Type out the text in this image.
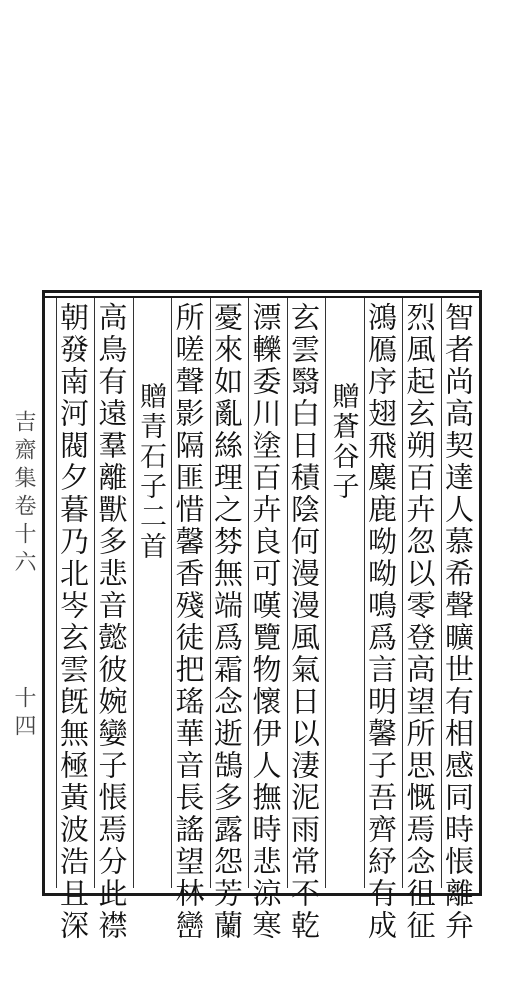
智者尚高契達人慕希聲曠世有相感同時悵離弁
烈風起玄朔百卉忽以零登高望所思慨焉念徂征
鴻鴈序翅飛麋鹿呦呦鳴爲言明馨子吾齊紓有成
贈蒼谷子
玄雲翳白日積陰何漫漫風氣日以淒泥雨常不乾
漂轢委川塗百卉良可嘆覽物懷伊人撫時悲涼寒
憂來如亂絲理之棼無端爲霜念逝鵠多露怨芳蘭
所嗟聲影隔匪惜馨香殘徒把瑤華音長謠望林巒
贈青石子二首
高鳥有遠羣離獸多悲音懿彼婉孌子悵焉分此襟
朝發南河閥夕暮乃北岑玄雲旣無極黃波浩且深
吉齋集卷十六十四
